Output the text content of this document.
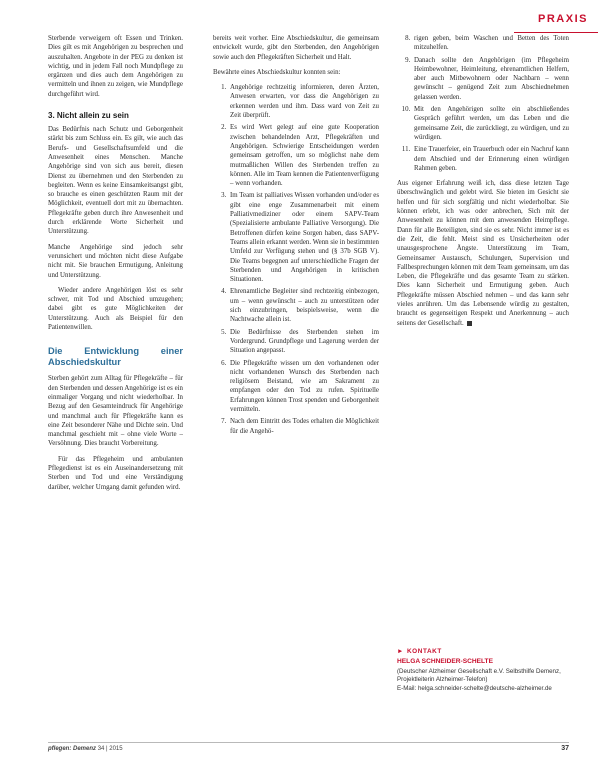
PRAXIS

Sterbende verweigern oft Essen und Trinken. Dies gilt es mit Angehörigen zu besprechen und auszuhalten. Angebote in der PEG zu denken ist wichtig, und in jedem Fall noch Mundpflege zu ergänzen und dies auch dem Angehörigen zu vermitteln und ihnen zu zeigen, wie Mundpflege durchgeführt wird.

3. Nicht allein zu sein

Das Bedürfnis nach Schutz und Geborgenheit stärkt bis zum Schluss ein. Es gilt, wie auch das Berufs- und Gesellschaftsumfeld und die Anwesenheit eines Menschen. Manche Angehörige sind von sich aus bereit, diesen Dienst zu übernehmen und den Sterbenden zu begleiten. Wenn es keine Einsamkeitsangst gibt, so brauche es einen geschützten Raum mit der Möglichkeit, eventuell dort mit zu übernachten. Pflegekräfte geben durch ihre Anwesenheit und durch erklärende Worte Sicherheit und Unterstützung.

Manche Angehörige sind jedoch sehr verunsichert und möchten nicht diese Aufgabe nicht mit. Sie brauchen Ermutigung, Anleitung und Unterstützung.

Wieder andere Angehörigen löst es sehr schwer, mit Tod und Abschied umzugehen; dabei gibt es gute Möglichkeiten der Unterstützung. Auch als Beispiel für den Patientenwillen.

Die Entwicklung einer Abschiedskultur

Sterben gehört zum Alltag für Pflegekräfte – für den Sterbenden und dessen Angehörige ist es ein einmaliger Vorgang und nicht wiederholbar. In Bezug auf den Gesamteindruck für Angehörige und manchmal auch für Pflegekräfte kann es eine Zeit besonderer Nähe und Dichte sein. Und manchmal geschieht mit – ohne viele Worte – Versöhnung. Dies braucht Vorbereitung.

Für das Pflegeheim und ambulanten Pflegedienst ist es ein Auseinandersetzung mit Sterben und Tod und eine Verständigung darüber, welcher Umgang damit gefunden wird.

bereits weit vorher. Eine Abschiedskultur, die gemeinsam entwickelt wurde, gibt den Sterbenden, den Angehörigen sowie auch den Pflegekräften Sicherheit und Halt.

Bewährte eines Abschiedskultur konnten sein:

1. Angehörige rechtzeitig informieren, deren Ärzten, Anwesen erwarten, vor dass die Angehörigen zu erkennen werden und ihm. Dass ward von Zeit zu Zeit überprüft.
2. Es wird Wert gelegt auf eine gute Kooperation zwischen behandelnden Arzt, Pflegekräften und Angehörigen. Schwierige Entscheidungen werden gemeinsam getroffen, um so möglichst nahe dem mutmaßlichen Willen des Sterbenden treffen zu können. Alle im Team kennen die Patientenverfügung – wenn vorhanden.
3. Im Team ist palliatives Wissen vorhanden und/oder es gibt eine enge Zusammenarbeit mit einem Palliativmediziner oder einem SAPV-Team (Spezialisierte ambulante Palliative Versorgung). Die Betroffenen dürfen keine Sorgen haben, dass SAPV-Teams allein erkannt werden. Wenn sie in bestimmten Umfeld zur Verfügung stehen und (§ 37b SGB V). Die Teams begegnen auf unterschiedliche Fragen der Sterbenden und Angehörigen in kritischen Situationen.
4. Ehrenamtliche Begleiter sind rechtzeitig einbezogen, um – wenn gewünscht – auch zu unterstützen oder sich einzubringen, beispielsweise, wenn die Nachtwache allein ist.
5. Die Bedürfnisse des Sterbenden stehen im Vordergrund. Grundpflege und Lagerung werden der Situation angepasst.
6. Die Pflegekräfte wissen um den vorhandenen oder nicht vorhandenen Wunsch des Sterbenden nach religiösem Beistand, wie am Sakrament zu empfangen oder den Tod zu rufen. Spirituelle Erfahrungen können Trost spenden und Geborgenheit vermitteln.
7. Nach dem Eintritt des Todes erhalten die Möglichkeit für die Angehö-
8. rigen geben, beim Waschen und Betten des Toten mitzuhelfen.
9. Danach sollte den Angehörigen (im Pflegeheim Heimbewohner, Heimleitung, ehrenamtlichen Helfern, aber auch Mitbewohnern oder Nachbarn – wenn gewünscht – genügend Zeit zum Abschiednehmen gelassen werden.
10. Mit den Angehörigen sollte ein abschließendes Gespräch geführt werden, um das Leben und die gemeinsame Zeit, die zurückliegt, zu würdigen, und zu würdigen.
11. Eine Trauerfeier, ein Trauerbuch oder ein Nachruf kann dem Abschied und der Erinnerung einen würdigen Rahmen geben.

Aus eigener Erfahrung weiß ich, dass diese letzten Tage überschwänglich und gelebt wird. Sie bieten im Gesicht sie helfen und für sich sorgfältig und nicht wiederholbar. Sie können erlebt, ich was oder anbrechen, Sich mit der Anwesenheit zu können mit dem anwesenden Heimpflege. Dann für alle Beteiligten, sind sie es sehr. Nicht immer ist es die Zeit, die fehlt. Meist sind es Unsicherheiten oder unausgesprochene Ängste. Unterstützung im Team, Gemeinsamer Austausch, Schulungen, Supervision und Fallbesprechungen können mit dem Team gemeinsam, um das Leben, die Pflegekräfte und das gesamte Team zu stärken. Dies kann Sicherheit und Ermutigung geben. Auch Pflegekräfte müssen Abschied nehmen – und das kann sehr vieles anrühren. Um das Lebensende würdig zu gestalten, braucht es gegenseitigen Respekt und Anerkennung – auch seitens der Gesellschaft.

► KONTAKT
HELGA SCHNEIDER-SCHELTE
(Deutscher Alzheimer Gesellschaft e.V. Selbsthilfe Demenz, Projektleiterin Alzheimer-Telefon)
E-Mail: helga.schneider-schelte@deutsche-alzheimer.de
pflegen: Demenz 34 | 2015	37
